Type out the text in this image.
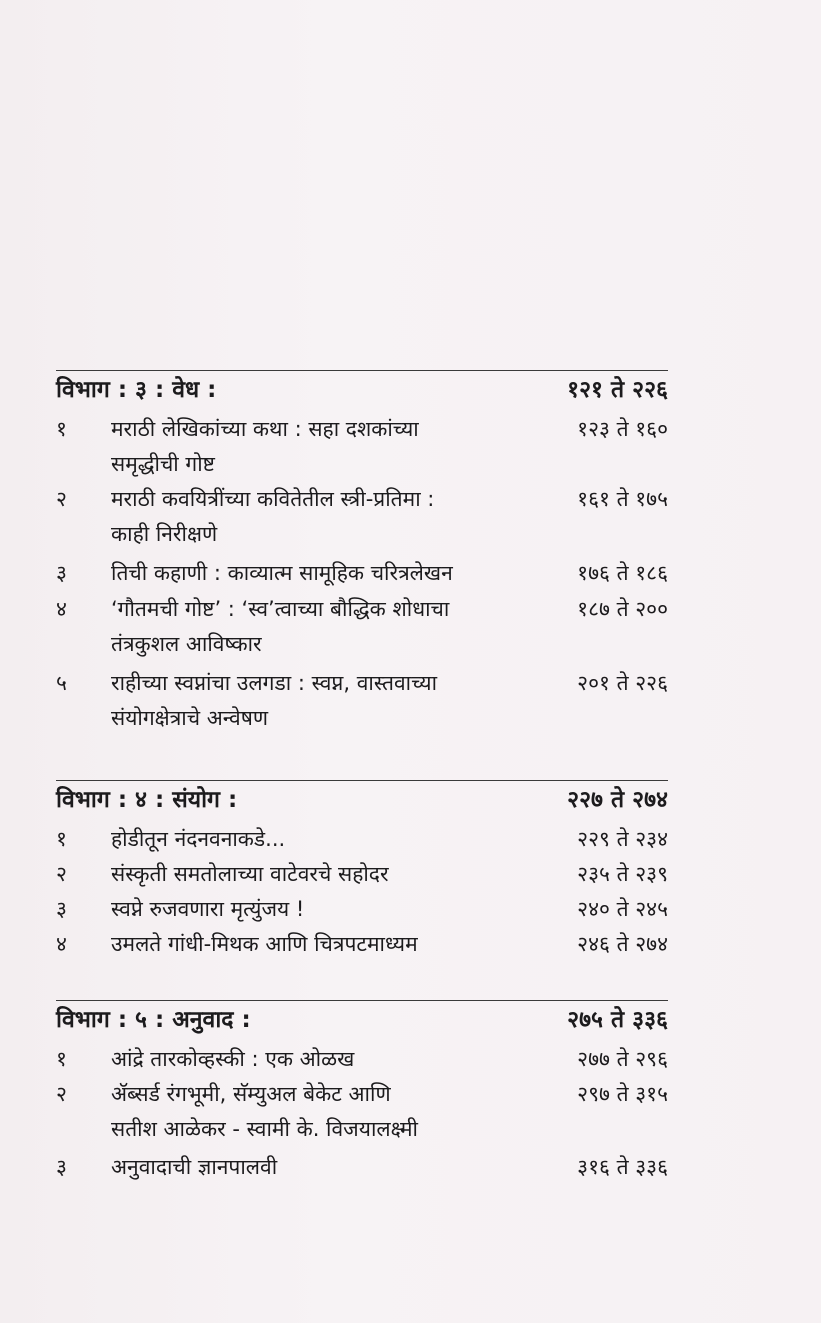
विभाग : ३ : वेध :	१२१ ते २२६
१ मराठी लेखिकांच्या कथा : सहा दशकांच्या
समृद्धीची गोष्ट
१२३ ते १६०
२ मराठी कवयित्रींच्या कवितेतील स्त्री-प्रतिमा :
काही निरीक्षणे
१६१ ते १७५
३ तिची कहाणी : काव्यात्म सामूहिक चरित्रलेखन	१७६ ते १८६
४ ‘गौतमची गोष्ट’ : ‘स्व’त्वाच्या बौद्धिक शोधाचा
तंत्रकुशल आविष्कार
१८७ ते २००
५ राहीच्या स्वप्नांचा उलगडा : स्वप्न, वास्तवाच्या
संयोगक्षेत्राचे अन्वेषण
२०१ ते २२६
विभाग : ४ : संयोग :	२२७ ते २७४
१ होडीतून नंदनवनाकडे...	२२९ ते २३४
२ संस्कृती समतोलाच्या वाटेवरचे सहोदर	२३५ ते २३९
३ स्वप्ने रुजवणारा मृत्युंजय !	२४० ते २४५
४ उमलते गांधी-मिथक आणि चित्रपटमाध्यम	२४६ ते २७४
विभाग : ५ : अनुवाद :	२७५ ते ३३६
१ आंद्रे तारकोव्हस्की : एक ओळख	२७७ ते २९६
२ ॲब्सर्ड रंगभूमी, सॅम्युअल बेकेट आणि
सतीश आळेकर - स्वामी के. विजयालक्ष्मी
२९७ ते ३१५
३ अनुवादाची ज्ञानपालवी	३१६ ते ३३६
